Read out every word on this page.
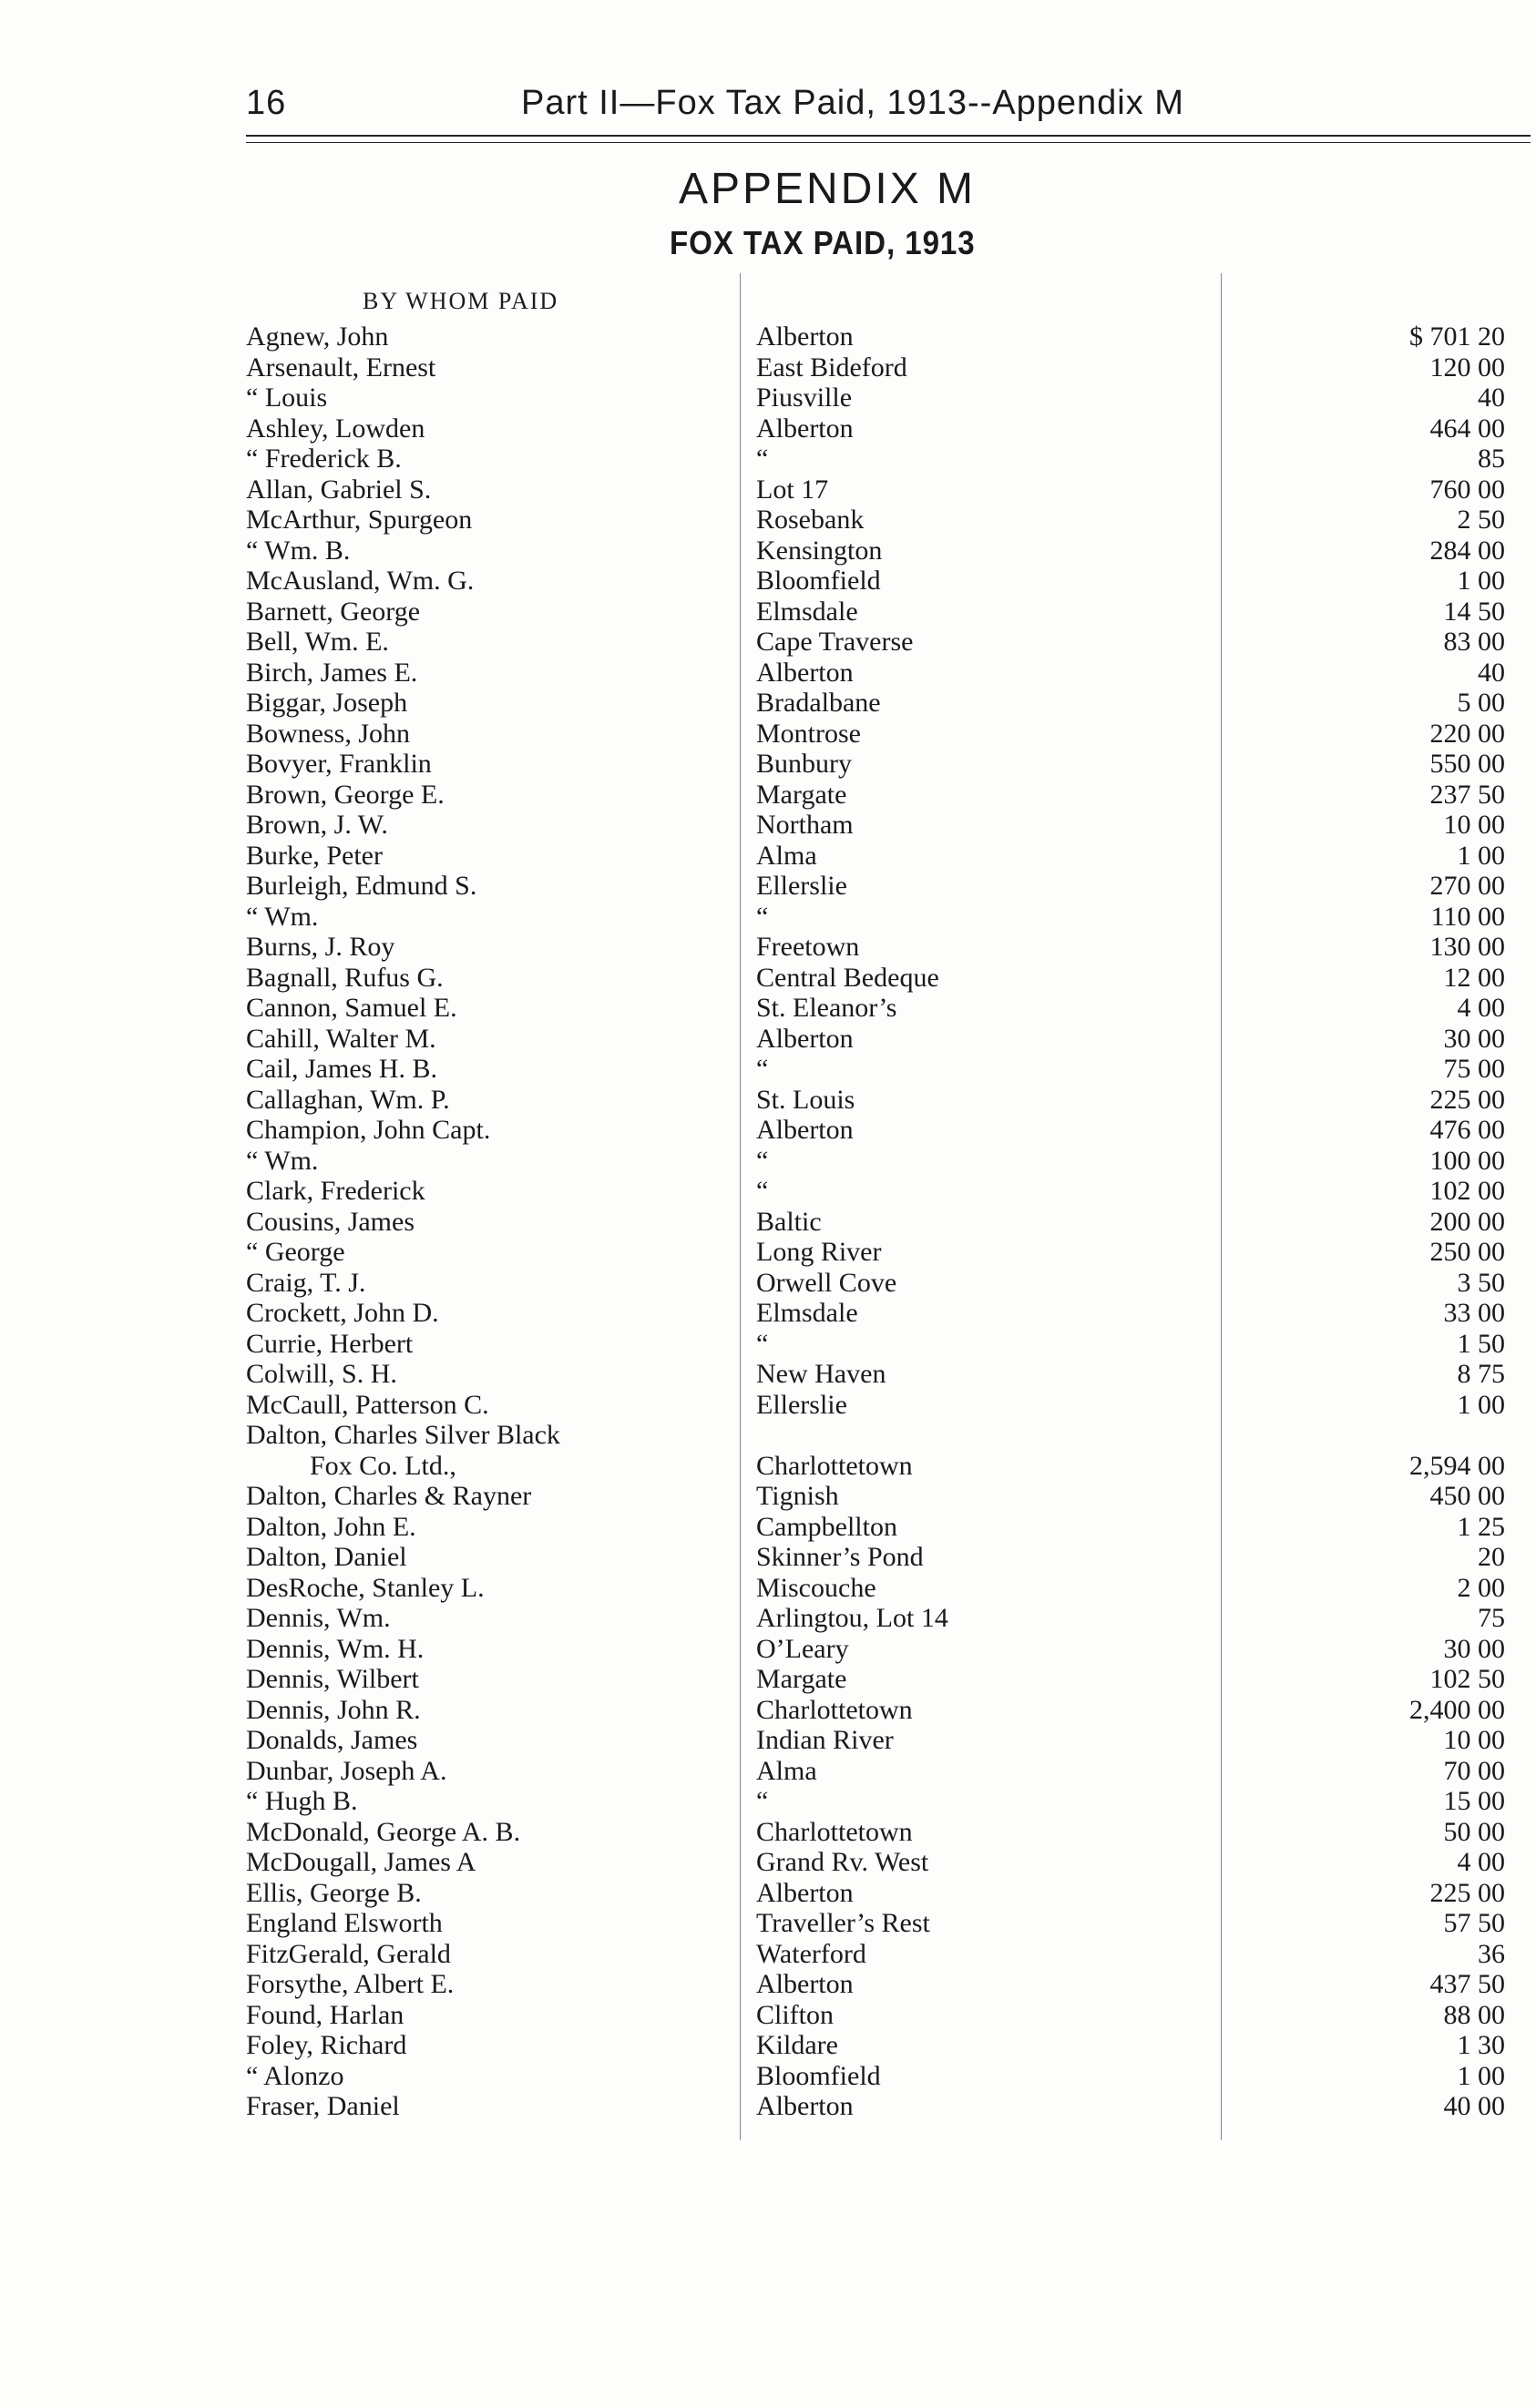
16	Part II—Fox Tax Paid, 1913--Appendix M
APPENDIX M
FOX TAX PAID, 1913
BY WHOM PAID
Agnew, John	Alberton	$ 701 20
Arsenault, Ernest	East Bideford	120 00
“ Louis	Piusville	40
Ashley, Lowden	Alberton	464 00
“ Frederick B.	“	85
Allan, Gabriel S.	Lot 17	760 00
McArthur, Spurgeon	Rosebank	2 50
“ Wm. B.	Kensington	284 00
McAusland, Wm. G.	Bloomfield	1 00
Barnett, George	Elmsdale	14 50
Bell, Wm. E.	Cape Traverse	83 00
Birch, James E.	Alberton	40
Biggar, Joseph	Bradalbane	5 00
Bowness, John	Montrose	220 00
Bovyer, Franklin	Bunbury	550 00
Brown, George E.	Margate	237 50
Brown, J. W.	Northam	10 00
Burke, Peter	Alma	1 00
Burleigh, Edmund S.	Ellerslie	270 00
“ Wm.	“	110 00
Burns, J. Roy	Freetown	130 00
Bagnall, Rufus G.	Central Bedeque	12 00
Cannon, Samuel E.	St. Eleanor’s	4 00
Cahill, Walter M.	Alberton	30 00
Cail, James H. B.	“	75 00
Callaghan, Wm. P.	St. Louis	225 00
Champion, John Capt.	Alberton	476 00
“ Wm.	“	100 00
Clark, Frederick	“	102 00
Cousins, James	Baltic	200 00
“ George	Long River	250 00
Craig, T. J.	Orwell Cove	3 50
Crockett, John D.	Elmsdale	33 00
Currie, Herbert	“	1 50
Colwill, S. H.	New Haven	8 75
McCaull, Patterson C.	Ellerslie	1 00
Dalton, Charles Silver Black
Fox Co. Ltd.,	Charlottetown	2,594 00
Dalton, Charles & Rayner	Tignish	450 00
Dalton, John E.	Campbellton	1 25
Dalton, Daniel	Skinner’s Pond	20
DesRoche, Stanley L.	Miscouche	2 00
Dennis, Wm.	Arlingtou, Lot 14	75
Dennis, Wm. H.	O’Leary	30 00
Dennis, Wilbert	Margate	102 50
Dennis, John R.	Charlottetown	2,400 00
Donalds, James	Indian River	10 00
Dunbar, Joseph A.	Alma	70 00
“ Hugh B.	“	15 00
McDonald, George A. B.	Charlottetown	50 00
McDougall, James A	Grand Rv. West	4 00
Ellis, George B.	Alberton	225 00
England Elsworth	Traveller’s Rest	57 50
FitzGerald, Gerald	Waterford	36
Forsythe, Albert E.	Alberton	437 50
Found, Harlan	Clifton	88 00
Foley, Richard	Kildare	1 30
“ Alonzo	Bloomfield	1 00
Fraser, Daniel	Alberton	40 00
